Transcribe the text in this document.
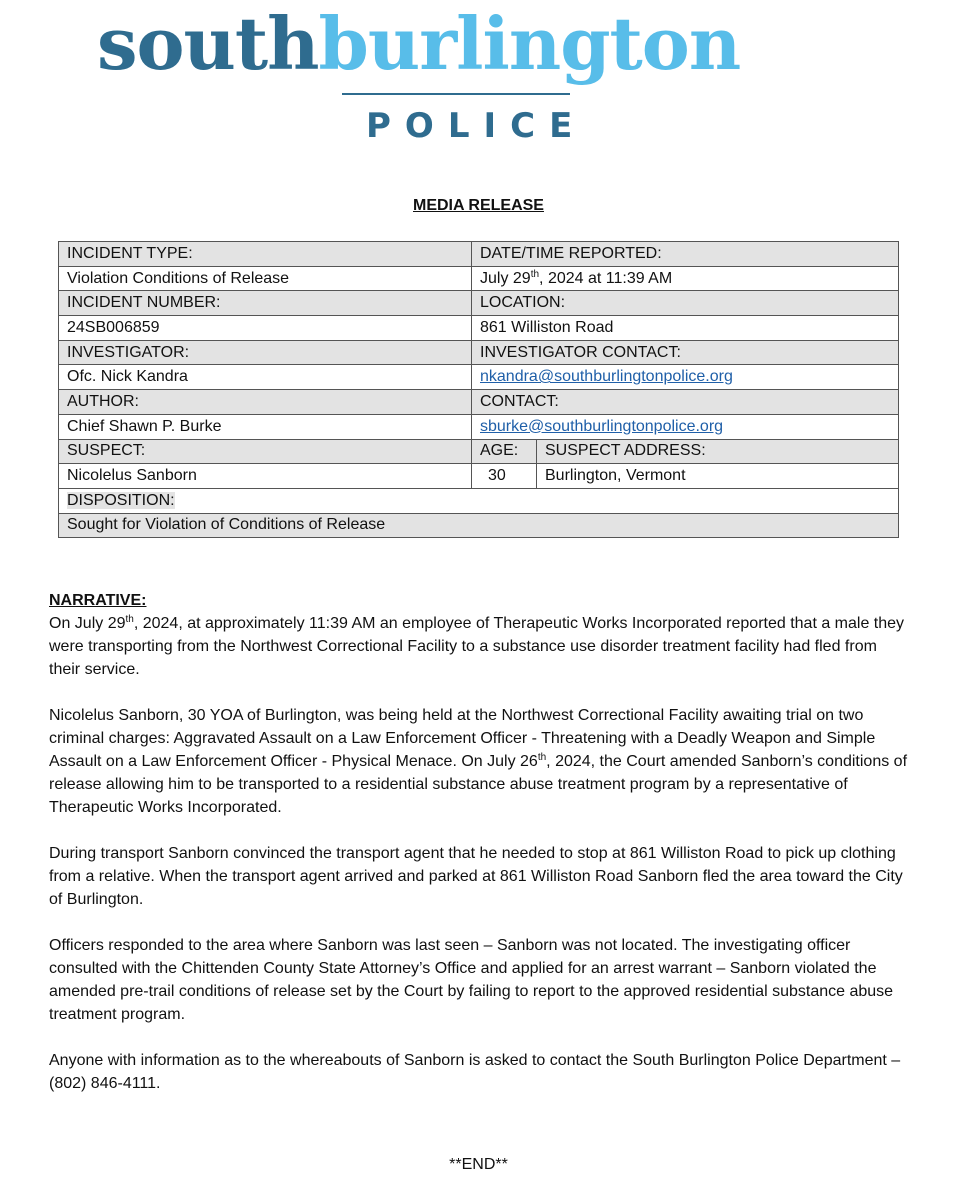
southburlington
POLICE
MEDIA RELEASE
INCIDENT TYPE:	DATE/TIME REPORTED:	
Violation Conditions of Release	July 29th, 2024 at 11:39 AM	
INCIDENT NUMBER:	LOCATION:	
24SB006859	861 Williston Road	
INVESTIGATOR:	INVESTIGATOR CONTACT:	
Ofc. Nick Kandra	nkandra@southburlingtonpolice.org	
AUTHOR:	CONTACT:	
Chief Shawn P. Burke	sburke@southburlingtonpolice.org	
SUSPECT:	AGE:	SUSPECT ADDRESS:
Nicolelus Sanborn	30	Burlington, Vermont
DISPOSITION:		
Sought for Violation of Conditions of Release		
NARRATIVE:

On July 29th, 2024, at approximately 11:39 AM an employee of Therapeutic Works Incorporated reported that a male they were transporting from the Northwest Correctional Facility to a substance use disorder treatment facility had fled from their service.

Nicolelus Sanborn, 30 YOA of Burlington, was being held at the Northwest Correctional Facility awaiting trial on two criminal charges: Aggravated Assault on a Law Enforcement Officer - Threatening with a Deadly Weapon and Simple Assault on a Law Enforcement Officer - Physical Menace. On July 26th, 2024, the Court amended Sanborn’s conditions of release allowing him to be transported to a residential substance abuse treatment program by a representative of Therapeutic Works Incorporated.

During transport Sanborn convinced the transport agent that he needed to stop at 861 Williston Road to pick up clothing from a relative. When the transport agent arrived and parked at 861 Williston Road Sanborn fled the area toward the City of Burlington.

Officers responded to the area where Sanborn was last seen – Sanborn was not located. The investigating officer consulted with the Chittenden County State Attorney’s Office and applied for an arrest warrant – Sanborn violated the amended pre-trail conditions of release set by the Court by failing to report to the approved residential substance abuse treatment program.

Anyone with information as to the whereabouts of Sanborn is asked to contact the South Burlington Police Department – (802) 846-4111.

**END**
